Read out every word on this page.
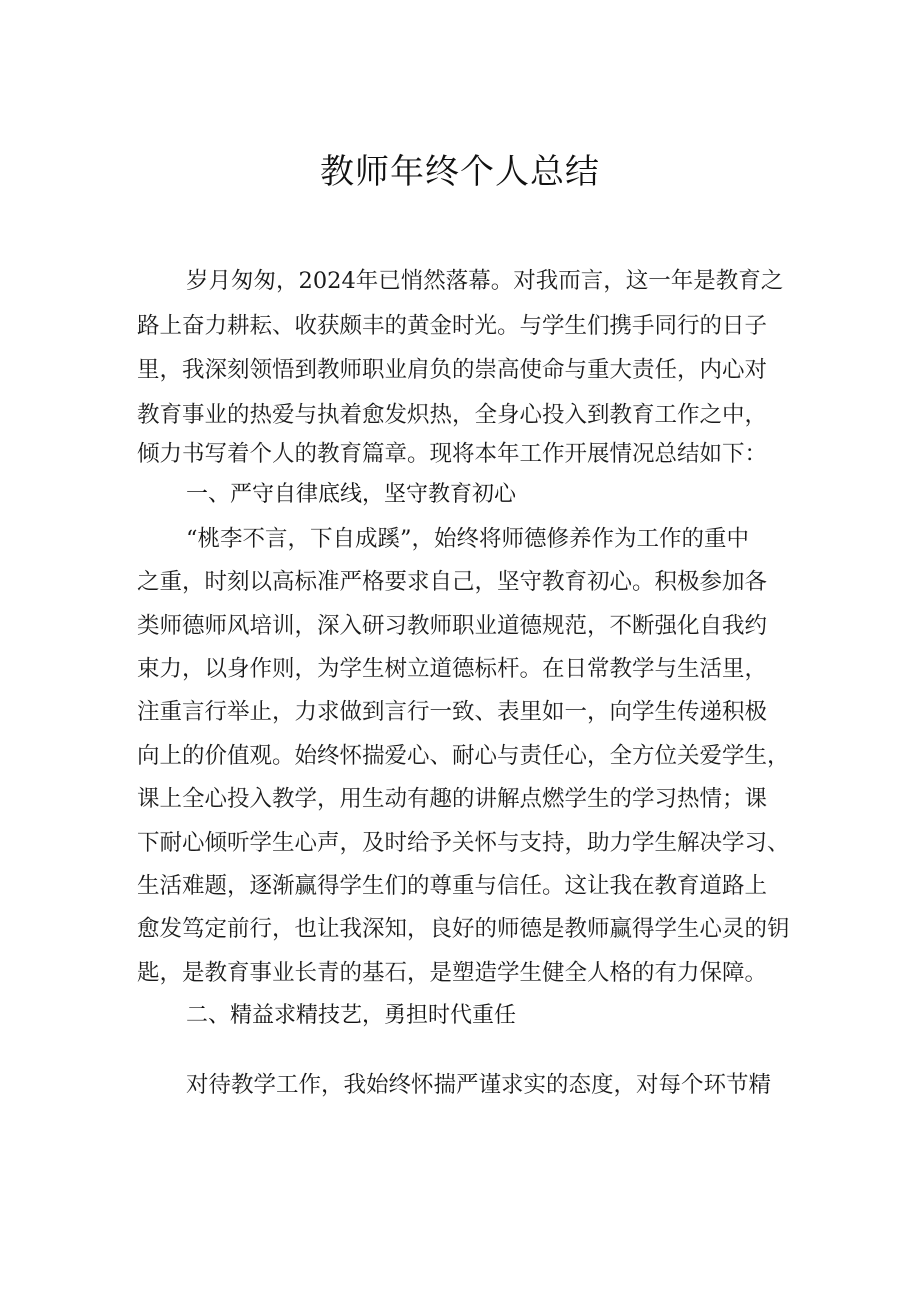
教师年终个人总结
岁月匆匆，2024年已悄然落幕。对我而言，这一年是教育之
路上奋力耕耘、收获颇丰的黄金时光。与学生们携手同行的日子
里，我深刻领悟到教师职业肩负的崇高使命与重大责任，内心对
教育事业的热爱与执着愈发炽热，全身心投入到教育工作之中，
倾力书写着个人的教育篇章。现将本年工作开展情况总结如下：
一、严守自律底线，坚守教育初心
“桃李不言，下自成蹊”，始终将师德修养作为工作的重中
之重，时刻以高标准严格要求自己，坚守教育初心。积极参加各
类师德师风培训，深入研习教师职业道德规范，不断强化自我约
束力，以身作则，为学生树立道德标杆。在日常教学与生活里，
注重言行举止，力求做到言行一致、表里如一，向学生传递积极
向上的价值观。始终怀揣爱心、耐心与责任心，全方位关爱学生，
课上全心投入教学，用生动有趣的讲解点燃学生的学习热情；课
下耐心倾听学生心声，及时给予关怀与支持，助力学生解决学习、
生活难题，逐渐赢得学生们的尊重与信任。这让我在教育道路上
愈发笃定前行，也让我深知，良好的师德是教师赢得学生心灵的钥
匙，是教育事业长青的基石，是塑造学生健全人格的有力保障。
二、精益求精技艺，勇担时代重任
对待教学工作，我始终怀揣严谨求实的态度，对每个环节精
